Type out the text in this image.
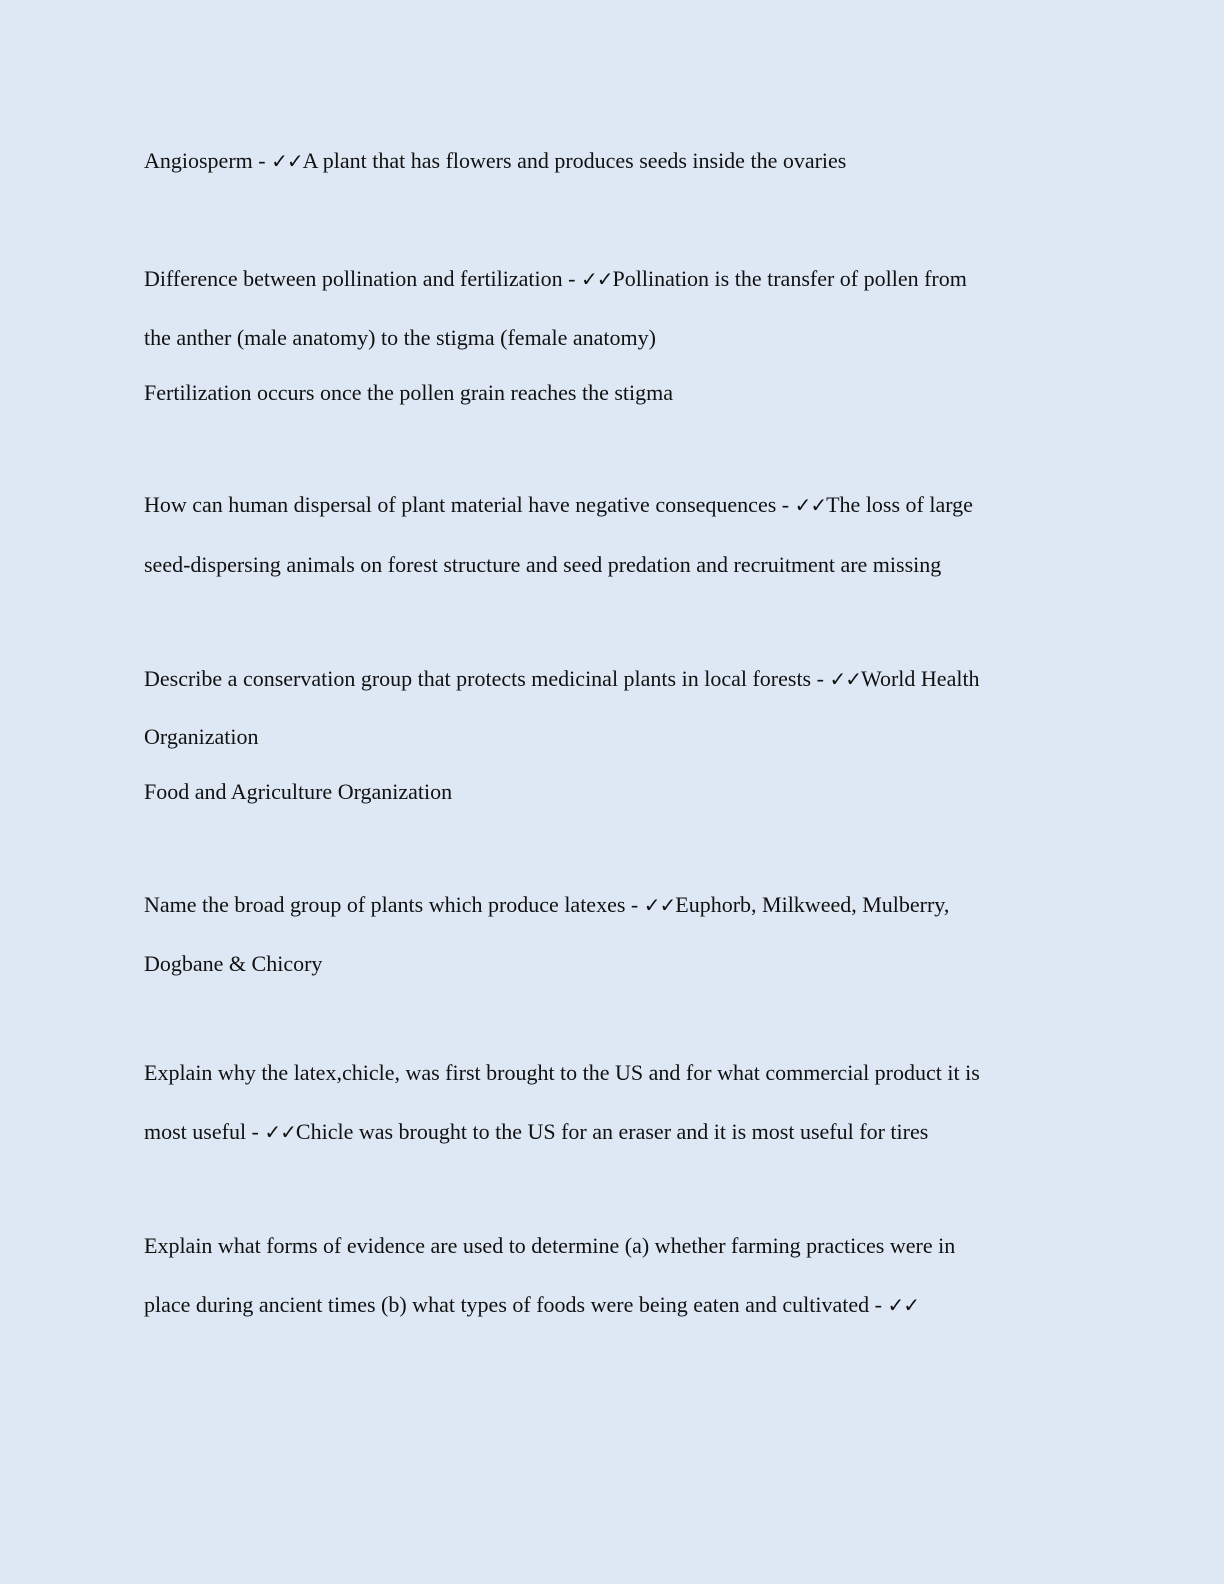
Angiosperm - ✓✓A plant that has flowers and produces seeds inside the ovaries
Difference between pollination and fertilization - ✓✓Pollination is the transfer of pollen from
the anther (male anatomy) to the stigma (female anatomy)
Fertilization occurs once the pollen grain reaches the stigma
How can human dispersal of plant material have negative consequences - ✓✓The loss of large
seed-dispersing animals on forest structure and seed predation and recruitment are missing
Describe a conservation group that protects medicinal plants in local forests - ✓✓World Health
Organization
Food and Agriculture Organization
Name the broad group of plants which produce latexes - ✓✓Euphorb, Milkweed, Mulberry,
Dogbane & Chicory
Explain why the latex,chicle, was first brought to the US and for what commercial product it is
most useful - ✓✓Chicle was brought to the US for an eraser and it is most useful for tires
Explain what forms of evidence are used to determine (a) whether farming practices were in
place during ancient times (b) what types of foods were being eaten and cultivated - ✓✓
